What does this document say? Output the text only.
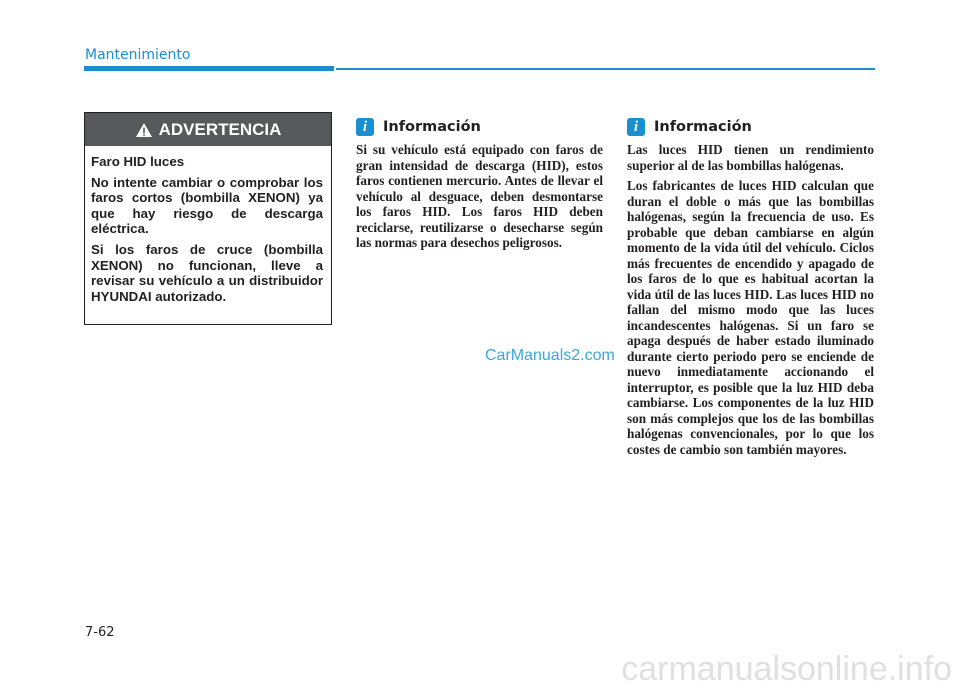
Mantenimiento
ADVERTENCIA

Faro HID luces

No intente cambiar o comprobar los faros cortos (bombilla XENON) ya que hay riesgo de descarga eléctrica.

Si los faros de cruce (bombilla XENON) no funcionan, lleve a revisar su vehículo a un distribuidor HYUNDAI autorizado.

i	Información

Si su vehículo está equipado con faros de gran intensidad de descarga (HID), estos faros contienen mercurio. Antes de llevar el vehículo al desguace, deben desmontarse los faros HID. Los faros HID deben reciclarse, reutilizarse o desecharse según las normas para desechos peligrosos.

i	Información

Las luces HID tienen un rendimiento superior al de las bombillas halógenas.

Los fabricantes de luces HID calculan que duran el doble o más que las bombillas halógenas, según la frecuencia de uso. Es probable que deban cambiarse en algún momento de la vida útil del vehículo. Ciclos más frecuentes de encendido y apagado de los faros de lo que es habitual acortan la vida útil de las luces HID. Las luces HID no fallan del mismo modo que las luces incandescentes halógenas. Si un faro se apaga después de haber estado iluminado durante cierto periodo pero se enciende de nuevo inmediatamente accionando el interruptor, es posible que la luz HID deba cambiarse. Los componentes de la luz HID son más complejos que los de las bombillas halógenas convencionales, por lo que los costes de cambio son también mayores.

CarManuals2.com
7-62
carmanualsonline.info
